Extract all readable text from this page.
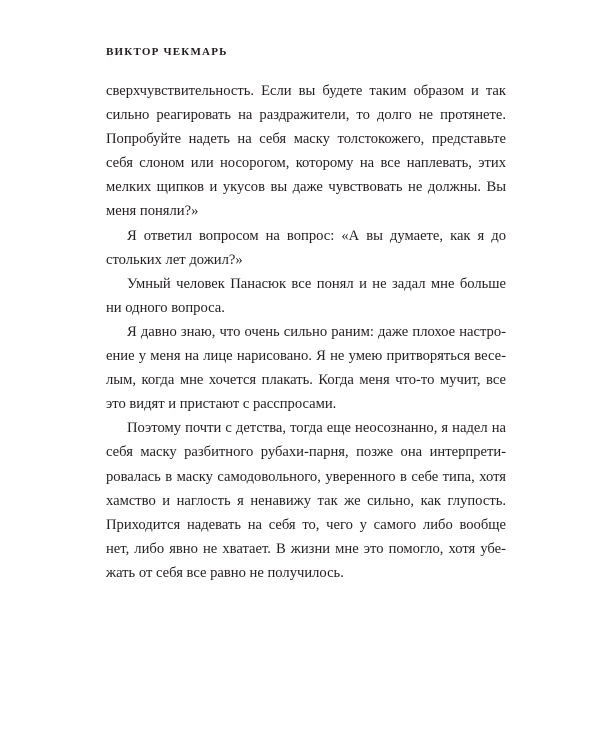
ВИКТОР ЧЕКМАРЬ
сверхчувствительность. Если вы будете таким образом и так
сильно реагировать на раздражители, то долго не протянете.
Попробуйте надеть на себя маску толстокожего, представьте
себя слоном или носорогом, которому на все наплевать, этих
мелких щипков и укусов вы даже чувствовать не должны. Вы
меня поняли?»
Я ответил вопросом на вопрос: «А вы думаете, как я до
стольких лет дожил?»
Умный человек Панасюк все понял и не задал мне больше
ни одного вопроса.
Я давно знаю, что очень сильно раним: даже плохое настро-
ение у меня на лице нарисовано. Я не умею притворяться весе-
лым, когда мне хочется плакать. Когда меня что-то мучит, все
это видят и пристают с расспросами.
Поэтому почти с детства, тогда еще неосознанно, я надел на
себя маску разбитного рубахи-парня, позже она интерпрети-
ровалась в маску самодовольного, уверенного в себе типа, хотя
хамство и наглость я ненавижу так же сильно, как глупость.
Приходится надевать на себя то, чего у самого либо вообще
нет, либо явно не хватает. В жизни мне это помогло, хотя убе-
жать от себя все равно не получилось.
